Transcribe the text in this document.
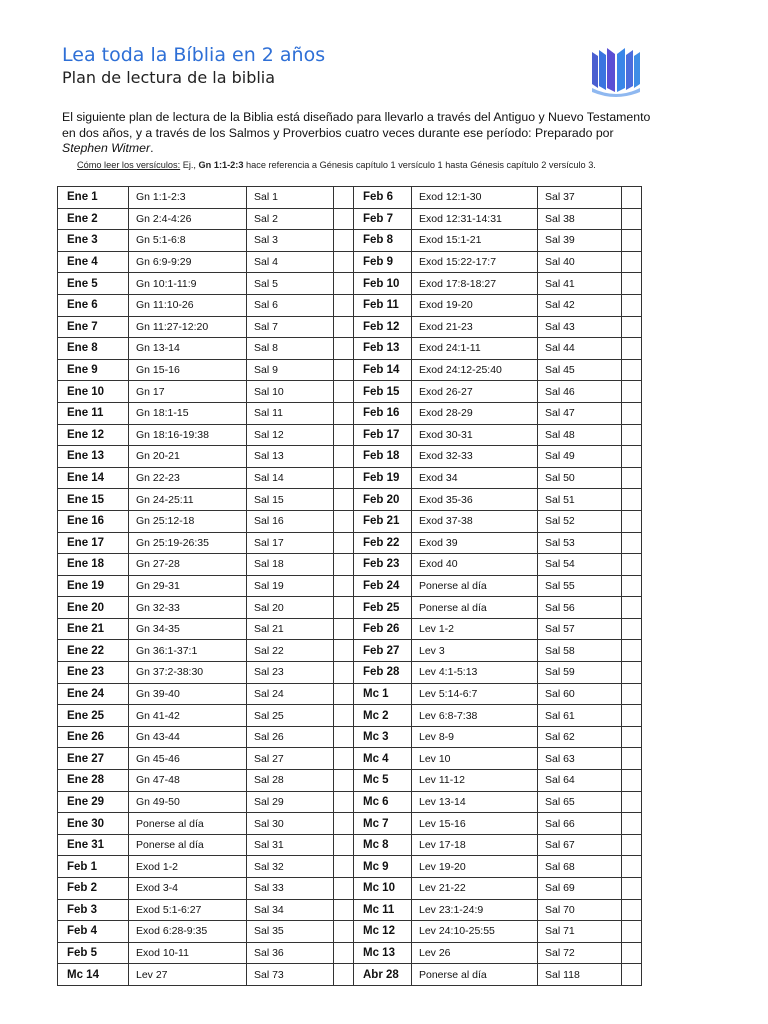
Lea toda la Bíblia en 2 años
Plan de lectura de la biblia
El siguiente plan de lectura de la Biblia está diseñado para llevarlo a través del Antiguo y Nuevo Testamento en dos años, y a través de los Salmos y Proverbios cuatro veces durante ese período: Preparado por Stephen Witmer.
Cómo leer los versículos: Ej., Gn 1:1-2:3 hace referencia a Génesis capítulo 1 versículo 1 hasta Génesis capítulo 2 versículo 3.
Ene 1	Gn 1:1-2:3	Sal 1		Feb 6	Exod 12:1-30	Sal 37	
Ene 2	Gn 2:4-4:26	Sal 2		Feb 7	Exod 12:31-14:31	Sal 38	
Ene 3	Gn 5:1-6:8	Sal 3		Feb 8	Exod 15:1-21	Sal 39	
Ene 4	Gn 6:9-9:29	Sal 4		Feb 9	Exod 15:22-17:7	Sal 40	
Ene 5	Gn 10:1-11:9	Sal 5		Feb 10	Exod 17:8-18:27	Sal 41	
Ene 6	Gn 11:10-26	Sal 6		Feb 11	Exod 19-20	Sal 42	
Ene 7	Gn 11:27-12:20	Sal 7		Feb 12	Exod 21-23	Sal 43	
Ene 8	Gn 13-14	Sal 8		Feb 13	Exod 24:1-11	Sal 44	
Ene 9	Gn 15-16	Sal 9		Feb 14	Exod 24:12-25:40	Sal 45	
Ene 10	Gn 17	Sal 10		Feb 15	Exod 26-27	Sal 46	
Ene 11	Gn 18:1-15	Sal 11		Feb 16	Exod 28-29	Sal 47	
Ene 12	Gn 18:16-19:38	Sal 12		Feb 17	Exod 30-31	Sal 48	
Ene 13	Gn 20-21	Sal 13		Feb 18	Exod 32-33	Sal 49	
Ene 14	Gn 22-23	Sal 14		Feb 19	Exod 34	Sal 50	
Ene 15	Gn 24-25:11	Sal 15		Feb 20	Exod 35-36	Sal 51	
Ene 16	Gn 25:12-18	Sal 16		Feb 21	Exod 37-38	Sal 52	
Ene 17	Gn 25:19-26:35	Sal 17		Feb 22	Exod 39	Sal 53	
Ene 18	Gn 27-28	Sal 18		Feb 23	Exod 40	Sal 54	
Ene 19	Gn 29-31	Sal 19		Feb 24	Ponerse al día	Sal 55	
Ene 20	Gn 32-33	Sal 20		Feb 25	Ponerse al día	Sal 56	
Ene 21	Gn 34-35	Sal 21		Feb 26	Lev 1-2	Sal 57	
Ene 22	Gn 36:1-37:1	Sal 22		Feb 27	Lev 3	Sal 58	
Ene 23	Gn 37:2-38:30	Sal 23		Feb 28	Lev 4:1-5:13	Sal 59	
Ene 24	Gn 39-40	Sal 24		Mc 1	Lev 5:14-6:7	Sal 60	
Ene 25	Gn 41-42	Sal 25		Mc 2	Lev 6:8-7:38	Sal 61	
Ene 26	Gn 43-44	Sal 26		Mc 3	Lev 8-9	Sal 62	
Ene 27	Gn 45-46	Sal 27		Mc 4	Lev 10	Sal 63	
Ene 28	Gn 47-48	Sal 28		Mc 5	Lev 11-12	Sal 64	
Ene 29	Gn 49-50	Sal 29		Mc 6	Lev 13-14	Sal 65	
Ene 30	Ponerse al día	Sal 30		Mc 7	Lev 15-16	Sal 66	
Ene 31	Ponerse al día	Sal 31		Mc 8	Lev 17-18	Sal 67	
Feb 1	Exod 1-2	Sal 32		Mc 9	Lev 19-20	Sal 68	
Feb 2	Exod 3-4	Sal 33		Mc 10	Lev 21-22	Sal 69	
Feb 3	Exod 5:1-6:27	Sal 34		Mc 11	Lev 23:1-24:9	Sal 70	
Feb 4	Exod 6:28-9:35	Sal 35		Mc 12	Lev 24:10-25:55	Sal 71	
Feb 5	Exod 10-11	Sal 36		Mc 13	Lev 26	Sal 72	
Mc 14	Lev 27	Sal 73		Abr 28	Ponerse al día	Sal 118	
